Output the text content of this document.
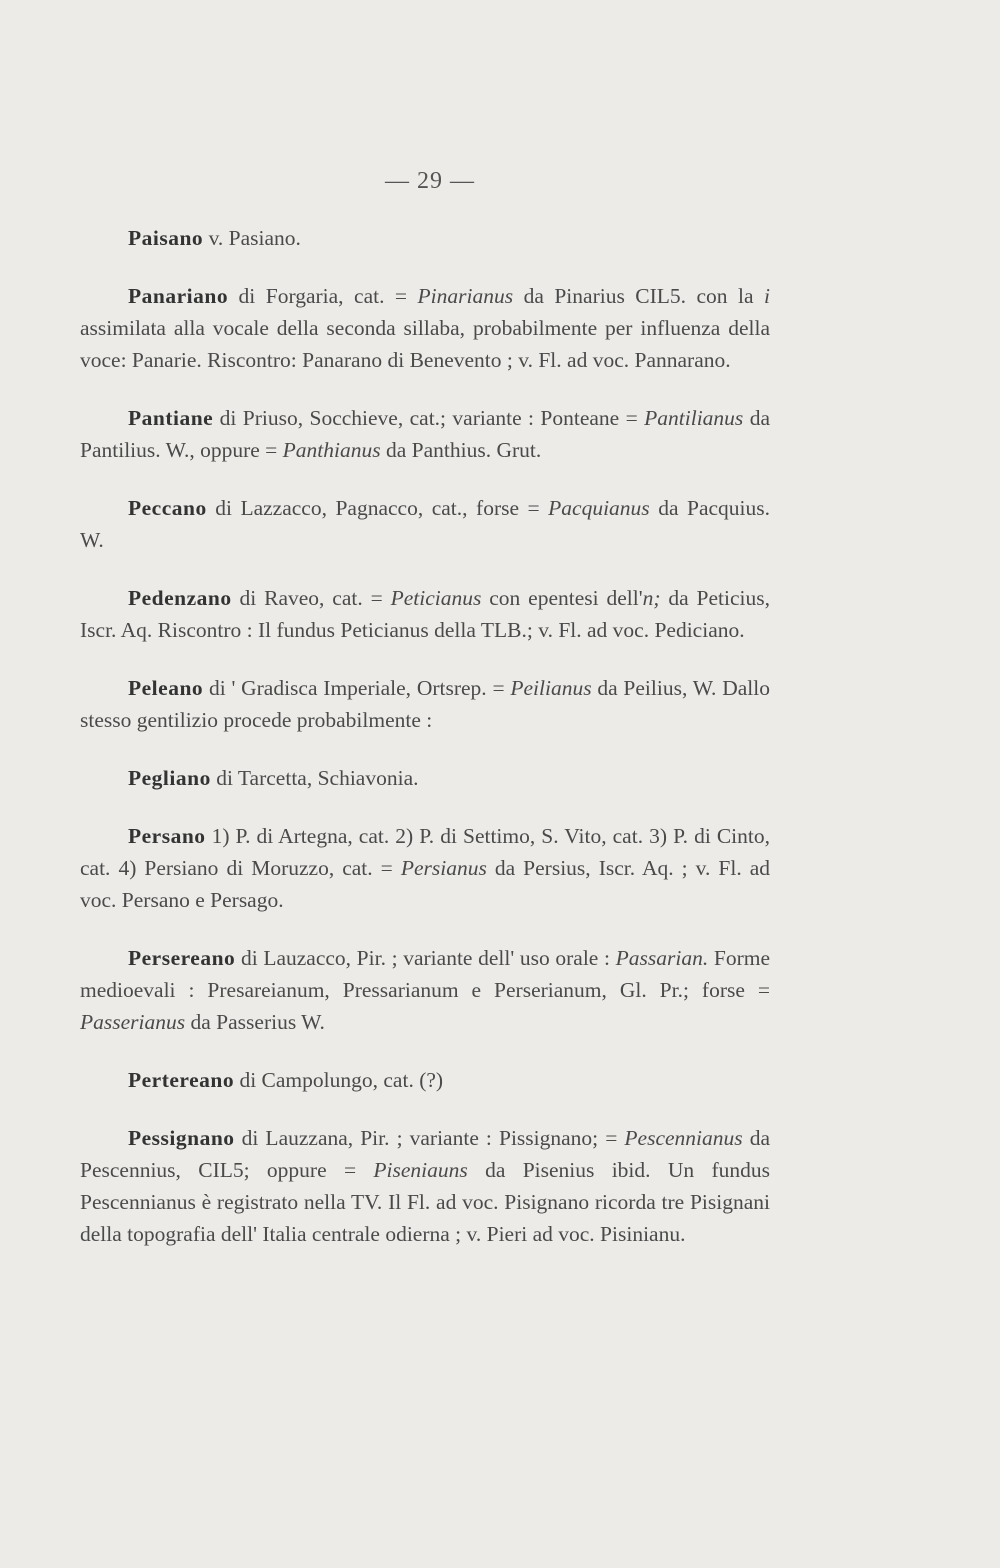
— 29 —

Paisano v. Pasiano.

Panariano di Forgaria, cat. = Pinarianus da Pinarius CIL5. con la i assimilata alla vocale della seconda sillaba, probabilmente per influenza della voce: Panarie. Riscontro: Panarano di Benevento ; v. Fl. ad voc. Pannarano.

Pantiane di Priuso, Socchieve, cat.; variante : Ponteane = Pantilianus da Pantilius. W., oppure = Panthianus da Panthius. Grut.

Peccano di Lazzacco, Pagnacco, cat., forse = Pacquianus da Pacquius. W.

Pedenzano di Raveo, cat. = Peticianus con epentesi dell'n; da Peticius, Iscr. Aq. Riscontro : Il fundus Peticianus della TLB.; v. Fl. ad voc. Pediciano.

Peleano di ' Gradisca Imperiale, Ortsrep. = Peilianus da Peilius, W. Dallo stesso gentilizio procede probabilmente :

Pegliano di Tarcetta, Schiavonia.

Persano 1) P. di Artegna, cat. 2) P. di Settimo, S. Vito, cat. 3) P. di Cinto, cat. 4) Persiano di Moruzzo, cat. = Persianus da Persius, Iscr. Aq. ; v. Fl. ad voc. Persano e Persago.

Persereano di Lauzacco, Pir. ; variante dell' uso orale : Passarian. Forme medioevali : Presareianum, Pressarianum e Perserianum, Gl. Pr.; forse = Passerianus da Passerius W.

Pertereano di Campolungo, cat. (?)

Pessignano di Lauzzana, Pir. ; variante : Pissignano; = Pescennianus da Pescennius, CIL5; oppure = Piseniauns da Pisenius ibid. Un fundus Pescennianus è registrato nella TV. Il Fl. ad voc. Pisignano ricorda tre Pisignani della topografia dell' Italia centrale odierna ; v. Pieri ad voc. Pisinianu.
